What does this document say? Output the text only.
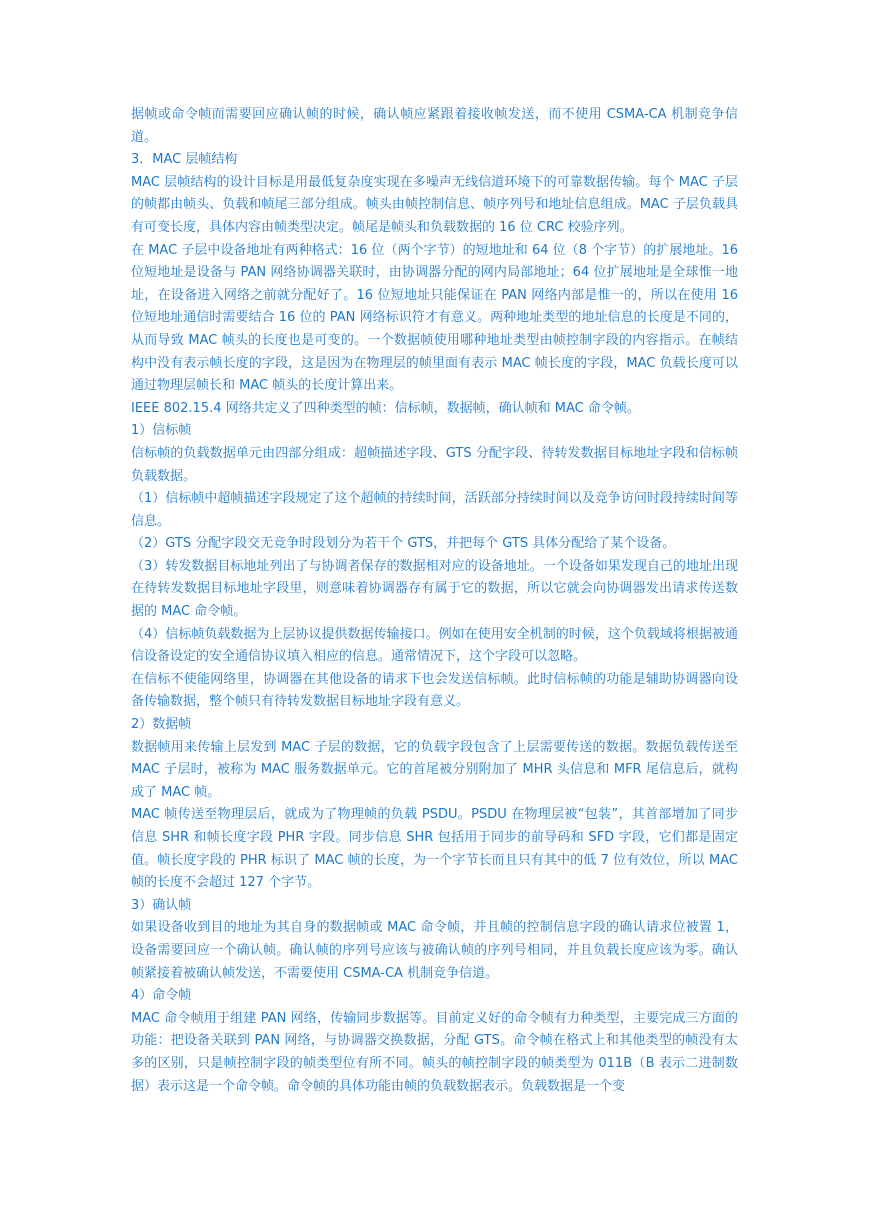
据帧或命令帧而需要回应确认帧的时候，确认帧应紧跟着接收帧发送，而不使用 CSMA-CA 机制竞争信道。

3．MAC 层帧结构

MAC 层帧结构的设计目标是用最低复杂度实现在多噪声无线信道环境下的可靠数据传输。每个 MAC 子层的帧都由帧头、负载和帧尾三部分组成。帧头由帧控制信息、帧序列号和地址信息组成。MAC 子层负载具有可变长度，具体内容由帧类型决定。帧尾是帧头和负载数据的 16 位 CRC 校验序列。

在 MAC 子层中设备地址有两种格式：16 位（两个字节）的短地址和 64 位（8 个字节）的扩展地址。16 位短地址是设备与 PAN 网络协调器关联时，由协调器分配的网内局部地址；64 位扩展地址是全球惟一地址，在设备进入网络之前就分配好了。16 位短地址只能保证在 PAN 网络内部是惟一的，所以在使用 16 位短地址通信时需要结合 16 位的 PAN 网络标识符才有意义。两种地址类型的地址信息的长度是不同的，从而导致 MAC 帧头的长度也是可变的。一个数据帧使用哪种地址类型由帧控制字段的内容指示。在帧结构中没有表示帧长度的字段，这是因为在物理层的帧里面有表示 MAC 帧长度的字段，MAC 负载长度可以通过物理层帧长和 MAC 帧头的长度计算出来。

IEEE 802.15.4 网络共定义了四种类型的帧：信标帧，数据帧，确认帧和 MAC 命令帧。

1）信标帧

信标帧的负载数据单元由四部分组成：超帧描述字段、GTS 分配字段、待转发数据目标地址字段和信标帧负载数据。

（1）信标帧中超帧描述字段规定了这个超帧的持续时间，活跃部分持续时间以及竞争访问时段持续时间等信息。

（2）GTS 分配字段交无竞争时段划分为若干个 GTS，并把每个 GTS 具体分配给了某个设备。

（3）转发数据目标地址列出了与协调者保存的数据相对应的设备地址。一个设备如果发现自己的地址出现在待转发数据目标地址字段里，则意味着协调器存有属于它的数据，所以它就会向协调器发出请求传送数据的 MAC 命令帧。

（4）信标帧负载数据为上层协议提供数据传输接口。例如在使用安全机制的时候，这个负载域将根据被通信设备设定的安全通信协议填入相应的信息。通常情况下，这个字段可以忽略。

在信标不使能网络里，协调器在其他设备的请求下也会发送信标帧。此时信标帧的功能是辅助协调器向设备传输数据，整个帧只有待转发数据目标地址字段有意义。

2）数据帧

数据帧用来传输上层发到 MAC 子层的数据，它的负载字段包含了上层需要传送的数据。数据负载传送至 MAC 子层时，被称为 MAC 服务数据单元。它的首尾被分别附加了 MHR 头信息和 MFR 尾信息后，就构成了 MAC 帧。

MAC 帧传送至物理层后，就成为了物理帧的负载 PSDU。PSDU 在物理层被“包装”，其首部增加了同步信息 SHR 和帧长度字段 PHR 字段。同步信息 SHR 包括用于同步的前导码和 SFD 字段，它们都是固定值。帧长度字段的 PHR 标识了 MAC 帧的长度，为一个字节长而且只有其中的低 7 位有效位，所以 MAC 帧的长度不会超过 127 个字节。

3）确认帧

如果设备收到目的地址为其自身的数据帧或 MAC 命令帧，并且帧的控制信息字段的确认请求位被置 1，设备需要回应一个确认帧。确认帧的序列号应该与被确认帧的序列号相同，并且负载长度应该为零。确认帧紧接着被确认帧发送，不需要使用 CSMA-CA 机制竞争信道。

4）命令帧

MAC 命令帧用于组建 PAN 网络，传输同步数据等。目前定义好的命令帧有力种类型，主要完成三方面的功能：把设备关联到 PAN 网络，与协调器交换数据，分配 GTS。命令帧在格式上和其他类型的帧没有太多的区别，只是帧控制字段的帧类型位有所不同。帧头的帧控制字段的帧类型为 011B（B 表示二进制数据）表示这是一个命令帧。命令帧的具体功能由帧的负载数据表示。负载数据是一个变
